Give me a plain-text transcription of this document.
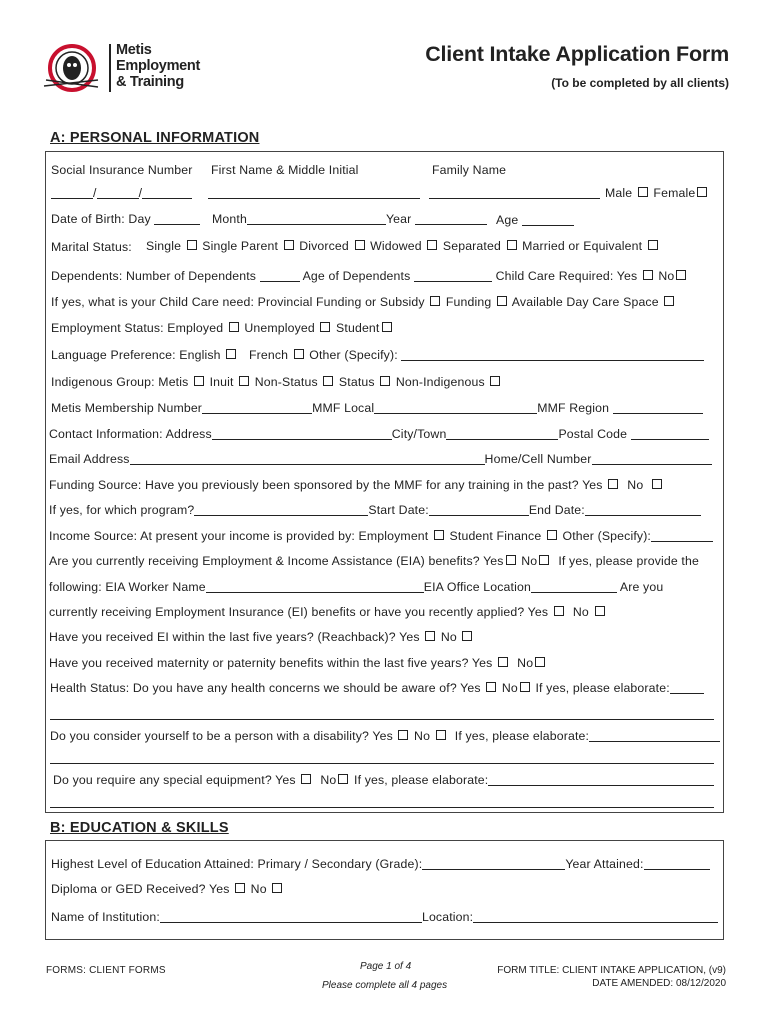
Metis
Employment
& Training
Client Intake Application Form
(To be completed by all clients)
A: PERSONAL INFORMATION
Social Insurance Number First Name & Middle Initial	Family Name
/	/	Male Female
Date of Birth: Day	Month	Year	Age
Marital Status: Single Single Parent Divorced Widowed Separated Married or Equivalent
Dependents: Number of Dependents	Age of Dependents	Child Care Required: Yes No
If yes, what is your Child Care need: Provincial Funding or Subsidy Funding Available Day Care Space
Employment Status: Employed Unemployed Student
Language Preference: English French Other (Specify):
Indigenous Group: Metis Inuit Non-Status Status Non-Indigenous
Metis Membership Number	MMF Local	MMF Region
Contact Information: Address	City/Town	Postal Code
Email Address	Home/Cell Number
Funding Source: Have you previously been sponsored by the MMF for any training in the past? Yes No
If yes, for which program?	Start Date:	End Date:
Income Source: At present your income is provided by: Employment Student Finance Other (Specify):
Are you currently receiving Employment & Income Assistance (EIA) benefits? Yes No If yes, please provide the
following: EIA Worker Name	EIA Office Location	Are you
currently receiving Employment Insurance (EI) benefits or have you recently applied? Yes No
Have you received EI within the last five years? (Reachback)? Yes No
Have you received maternity or paternity benefits within the last five years? Yes No
Health Status: Do you have any health concerns we should be aware of? Yes No If yes, please elaborate:
Do you consider yourself to be a person with a disability? Yes No If yes, please elaborate:
Do you require any special equipment? Yes No If yes, please elaborate:
B: EDUCATION & SKILLS
Highest Level of Education Attained: Primary / Secondary (Grade):	Year Attained:
Diploma or GED Received? Yes No
Name of Institution:	Location:
FORMS: CLIENT FORMS	Page 1 of 4
Please complete all 4 pages
FORM TITLE: CLIENT INTAKE APPLICATION, (v9)
DATE AMENDED: 08/12/2020
